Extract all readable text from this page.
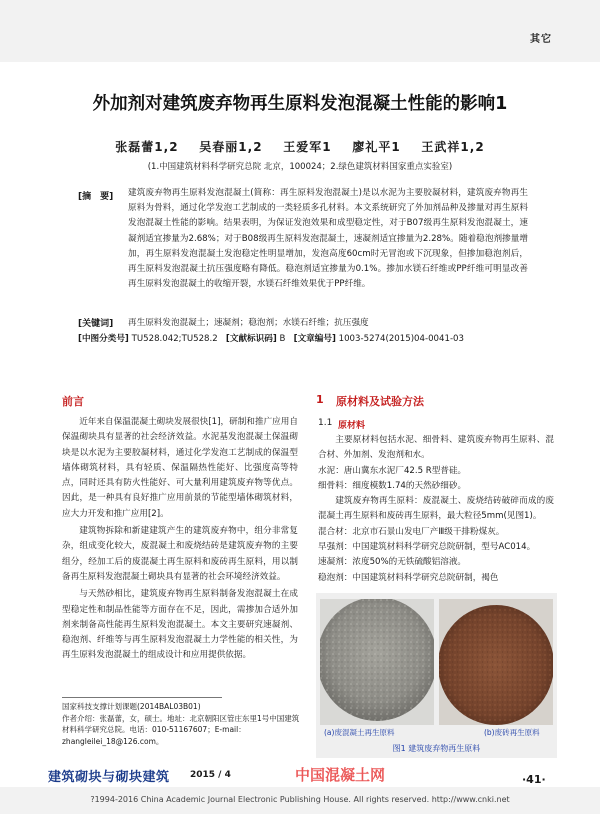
其它
外加剂对建筑废弃物再生原料发泡混凝土性能的影响1
张磊蕾1,2 吴春丽1,2 王爱军1 廖礼平1 王武祥1,2
(1.中国建筑材料科学研究总院 北京，100024；2.绿色建筑材料国家重点实验室)
[摘　要] 建筑废弃物再生原料发泡混凝土(简称：再生原料发泡混凝土)是以水泥为主要胶凝材料，建筑废弃物再生原料为骨料，通过化学发泡工艺制成的一类轻质多孔材料。本文系统研究了外加剂品种及掺量对再生原料发泡混凝土性能的影响。结果表明，为保证发泡效果和成型稳定性，对于B07级再生原料发泡混凝土，速凝剂适宜掺量为2.68%；对于B08级再生原料发泡混凝土，速凝剂适宜掺量为2.28%。随着稳泡剂掺量增加，再生原料发泡混凝土发泡稳定性明显增加，发泡高度60cm时无冒泡或下沉现象，但掺加稳泡剂后，再生原料发泡混凝土抗压强度略有降低。稳泡剂适宜掺量为0.1%。掺加水镁石纤维或PP纤维可明显改善再生原料发泡混凝土的收缩开裂，水镁石纤维效果优于PP纤维。
[关键词] 再生原料发泡混凝土；速凝剂；稳泡剂；水镁石纤维；抗压强度
[中图分类号] TU528.042;TU528.2 [文献标识码] B [文章编号] 1003-5274(2015)04-0041-03
前言

近年来自保温混凝土砌块发展很快[1]，研制和推广应用自保温砌块具有显著的社会经济效益。水泥基发泡混凝土保温砌块是以水泥为主要胶凝材料，通过化学发泡工艺制成的保温型墙体砌筑材料，具有轻质、保温隔热性能好、比强度高等特点，同时还具有防火性能好、可大量利用建筑废弃物等优点。因此，是一种具有良好推广应用前景的节能型墙体砌筑材料，应大力开发和推广应用[2]。

建筑物拆除和新建建筑产生的建筑废弃物中，组分非常复杂，组成变化较大，废混凝土和废烧结砖是建筑废弃物的主要组分，经加工后的废混凝土再生原料和废砖再生原料，用以制备再生原料发泡混凝土砌块具有显著的社会环境经济效益。

与天然砂相比，建筑废弃物再生原料制备发泡混凝土在成型稳定性和制品性能等方面存在不足，因此，需掺加合适外加剂来制备高性能再生原料发泡混凝土。本文主要研究速凝剂、稳泡剂、纤维等与再生原料发泡混凝土力学性能的相关性，为再生原料发泡混凝土的组成设计和应用提供依据。

国家科技支撑计划课题(2014BAL03B01)
作者介绍：张磊蕾，女，硕士。地址：北京朝阳区管庄东里1号中国建筑材料科学研究总院。电话：010-51167607；E-mail：zhangleilei_18@126.com。
1 原材料及试验方法
1.1 原材料

主要原材料包括水泥、细骨料、建筑废弃物再生原料、混合材、外加剂、发泡剂和水。

水泥：唐山冀东水泥厂42.5 R型普硅。

细骨料：细度模数1.74的天然砂细砂。

建筑废弃物再生原料：废混凝土、废烧结砖破碎而成的废混凝土再生原料和废砖再生原料，最大粒径5mm(见图1)。

混合材：北京市石景山发电厂产Ⅲ级干排粉煤灰。

早强剂：中国建筑材料科学研究总院研制，型号AC014。

速凝剂：浓度50%的无铁硫酸铝溶液。

稳泡剂：中国建筑材料科学研究总院研制，褐色

(a)废混凝土再生原料	(b)废砖再生原料
图1 建筑废弃物再生原料
建筑砌块与砌块建筑 2015 / 4	中国混凝土网	·41·
?1994-2016 China Academic Journal Electronic Publishing House. All rights reserved. http://www.cnki.net
